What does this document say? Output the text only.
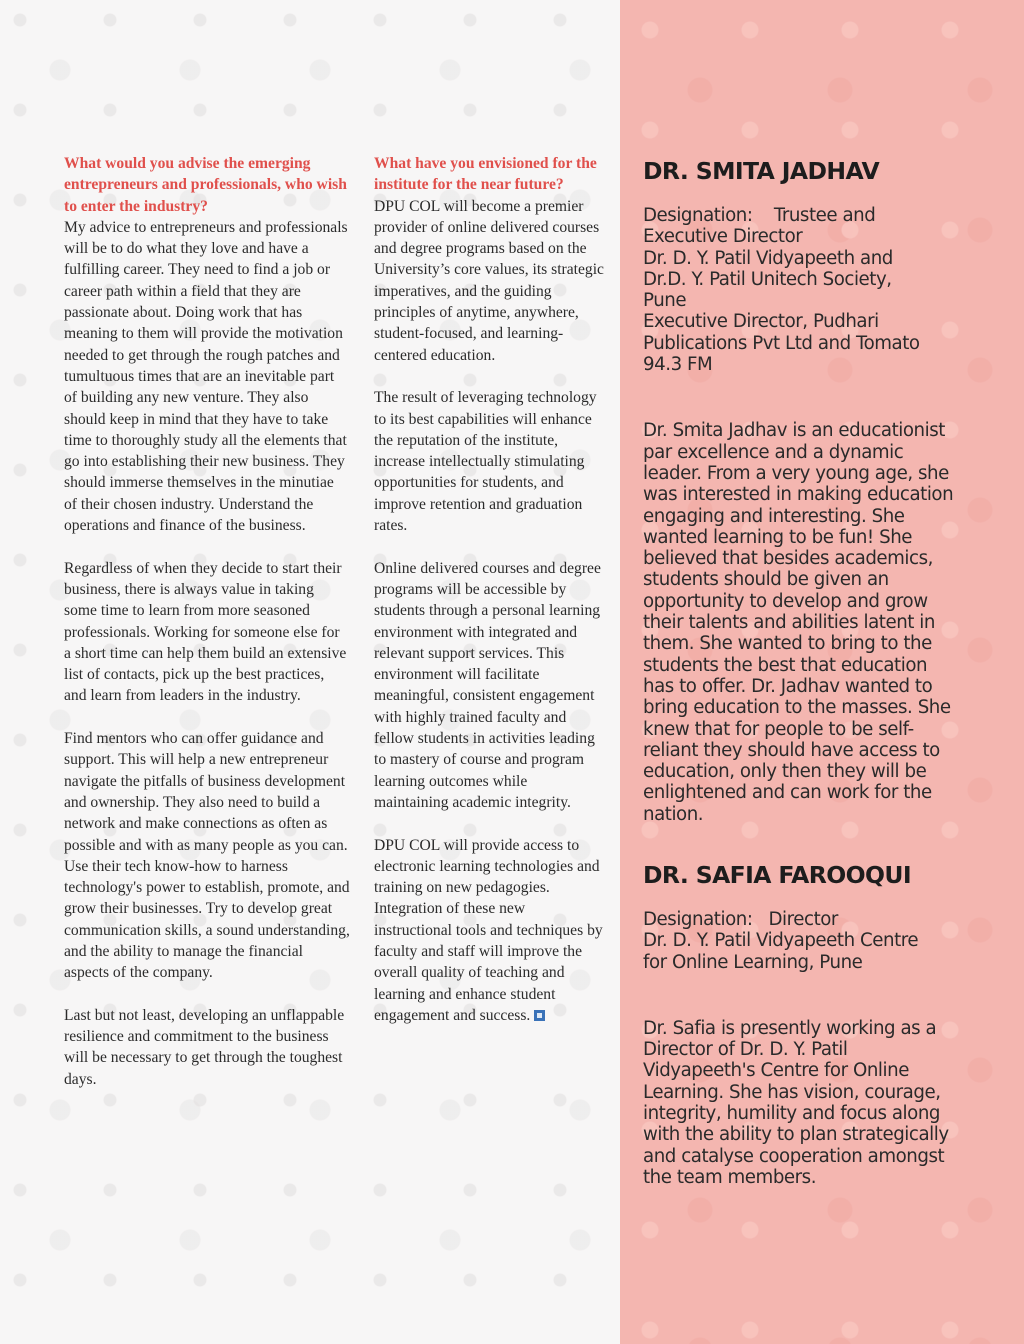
What would you advise the emerging entrepreneurs and professionals, who wish to enter the industry?

My advice to entrepreneurs and professionals will be to do what they love and have a fulfilling career. They need to find a job or career path within a field that they are passionate about. Doing work that has meaning to them will provide the motivation needed to get through the rough patches and tumultuous times that are an inevitable part of building any new venture. They also should keep in mind that they have to take time to thoroughly study all the elements that go into establishing their new business. They should immerse themselves in the minutiae of their chosen industry. Understand the operations and finance of the business.

Regardless of when they decide to start their business, there is always value in taking some time to learn from more seasoned professionals. Working for someone else for a short time can help them build an extensive list of contacts, pick up the best practices, and learn from leaders in the industry.

Find mentors who can offer guidance and support. This will help a new entrepreneur navigate the pitfalls of business development and ownership. They also need to build a network and make connections as often as possible and with as many people as you can. Use their tech know-how to harness technology's power to establish, promote, and grow their businesses. Try to develop great communication skills, a sound understanding, and the ability to manage the financial aspects of the company.

Last but not least, developing an unflappable resilience and commitment to the business will be necessary to get through the toughest days.

What have you envisioned for the institute for the near future?

DPU COL will become a premier provider of online delivered courses and degree programs based on the University’s core values, its strategic imperatives, and the guiding principles of anytime, anywhere, student-focused, and learning-centered education.

The result of leveraging technology to its best capabilities will enhance the reputation of the institute, increase intellectually stimulating opportunities for students, and improve retention and graduation rates.

Online delivered courses and degree programs will be accessible by students through a personal learning environment with integrated and relevant support services. This environment will facilitate meaningful, consistent engagement with highly trained faculty and fellow students in activities leading to mastery of course and program learning outcomes while maintaining academic integrity.

DPU COL will provide access to electronic learning technologies and training on new pedagogies. Integration of these new instructional tools and techniques by faculty and staff will improve the overall quality of teaching and learning and enhance student engagement and success.

DR. SMITA JADHAV
Designation:    Trustee and
Executive Director
Dr. D. Y. Patil Vidyapeeth and
Dr.D. Y. Patil Unitech Society,
Pune
Executive Director, Pudhari
Publications Pvt Ltd and Tomato
94.3 FM

Dr. Smita Jadhav is an educationist par excellence and a dynamic leader. From a very young age, she was interested in making education engaging and interesting. She wanted learning to be fun! She believed that besides academics, students should be given an opportunity to develop and grow their talents and abilities latent in them. She wanted to bring to the students the best that education has to offer. Dr. Jadhav wanted to bring education to the masses. She knew that for people to be self-reliant they should have access to education, only then they will be enlightened and can work for the nation.

DR. SAFIA FAROOQUI
Designation:   Director
Dr. D. Y. Patil Vidyapeeth Centre
for Online Learning, Pune

Dr. Safia is presently working as a Director of Dr. D. Y. Patil Vidyapeeth's Centre for Online Learning. She has vision, courage, integrity, humility and focus along with the ability to plan strategically and catalyse cooperation amongst the team members.
